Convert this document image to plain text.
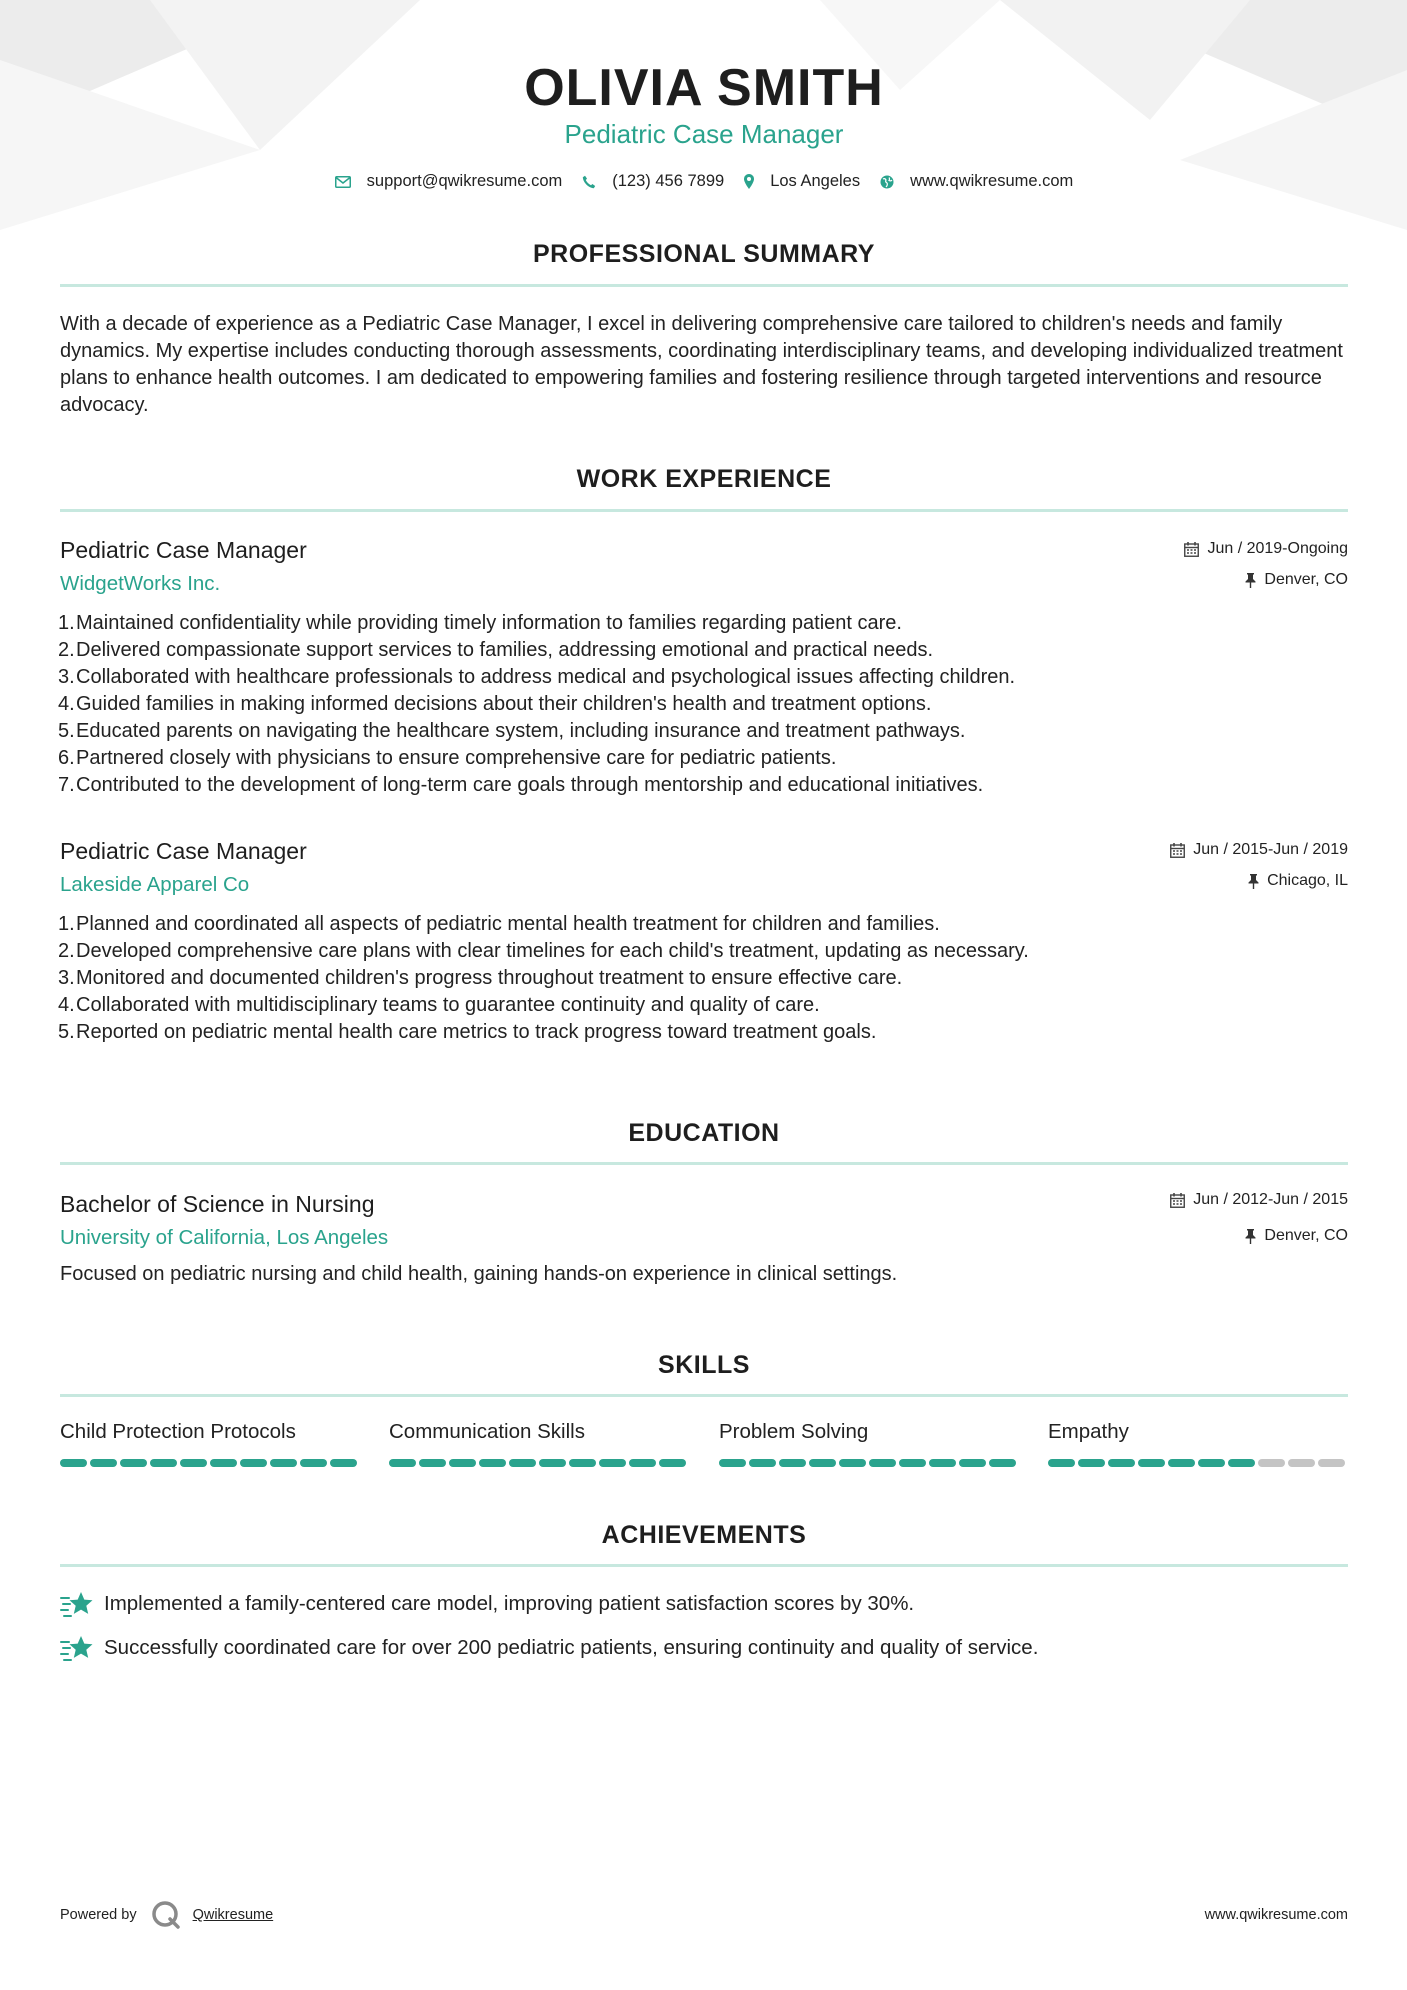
OLIVIA SMITH
Pediatric Case Manager
support@qwikresume.com	(123) 456 7899	Los Angeles	www.qwikresume.com
PROFESSIONAL SUMMARY

With a decade of experience as a Pediatric Case Manager, I excel in delivering comprehensive care tailored to children's needs and family dynamics. My expertise includes conducting thorough assessments, coordinating interdisciplinary teams, and developing individualized treatment plans to enhance health outcomes. I am dedicated to empowering families and fostering resilience through targeted interventions and resource advocacy.

WORK EXPERIENCE
Pediatric Case Manager
WidgetWorks Inc.
Jun / 2019-Ongoing
Denver, CO
1.Maintained confidentiality while providing timely information to families regarding patient care.
2.Delivered compassionate support services to families, addressing emotional and practical needs.
3.Collaborated with healthcare professionals to address medical and psychological issues affecting children.
4.Guided families in making informed decisions about their children's health and treatment options.
5.Educated parents on navigating the healthcare system, including insurance and treatment pathways.
6.Partnered closely with physicians to ensure comprehensive care for pediatric patients.
7.Contributed to the development of long-term care goals through mentorship and educational initiatives.
Pediatric Case Manager
Lakeside Apparel Co
Jun / 2015-Jun / 2019
Chicago, IL
1.Planned and coordinated all aspects of pediatric mental health treatment for children and families.
2.Developed comprehensive care plans with clear timelines for each child's treatment, updating as necessary.
3.Monitored and documented children's progress throughout treatment to ensure effective care.
4.Collaborated with multidisciplinary teams to guarantee continuity and quality of care.
5.Reported on pediatric mental health care metrics to track progress toward treatment goals.
EDUCATION
Bachelor of Science in Nursing
University of California, Los Angeles
Jun / 2012-Jun / 2015
Denver, CO
Focused on pediatric nursing and child health, gaining hands-on experience in clinical settings.
SKILLS
Child Protection Protocols	Communication Skills	Problem Solving	Empathy
ACHIEVEMENTS
Implemented a family-centered care model, improving patient satisfaction scores by 30%.
Successfully coordinated care for over 200 pediatric patients, ensuring continuity and quality of service.
Powered by	Qwikresume	www.qwikresume.com
